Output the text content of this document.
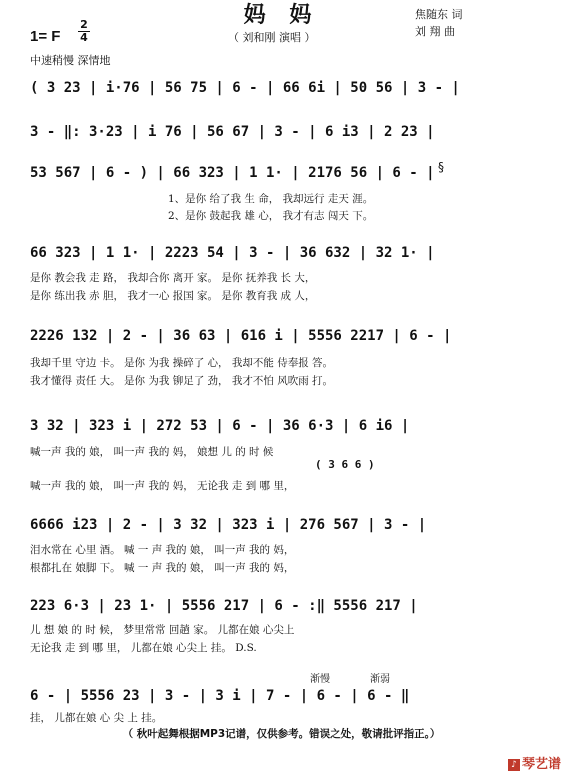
妈 妈
1= F
2
4	（ 刘和刚 演唱 ）
焦随东 词
刘 翔 曲
中速稍慢 深情地
( 3 23 | i·76 | 56 75 | 6 - | 66 6i | 50 56 | 3 - |
3 - ‖: 3·23 | i 76 | 56 67 | 3 - | 6 i3 | 2 23 |
53 567 | 6 - ) | 66 323 | 1 1· | 2176 56 | 6 - |
1、是你 给了我 生 命， 我却远行 走天 涯。
2、是你 鼓起我 雄 心， 我才有志 闯天 下。
66 323 | 1 1· | 2223 54 | 3 - | 36 632 | 32 1· |
是你 教会我 走 路， 我却合你 离开 家。 是你 抚养我 长 大，
是你 练出我 赤 胆， 我才一心 报国 家。 是你 教育我 成 人，
2226 132 | 2 - | 36 63 | 616 i | 5556 2217 | 6 - |
我却千里 守边 卡。 是你 为我 操碎了 心， 我却不能 侍奉报 答。
我才懂得 责任 大。 是你 为我 铆足了 劲， 我才不怕 风吹雨 打。
3 32 | 323 i | 272 53 | 6 - | 36 6·3 | 6 i6 |
喊一声 我的 娘， 叫一声 我的 妈， 娘想 儿 的 时 候
( 3 6 6 )
喊一声 我的 娘， 叫一声 我的 妈， 无论我 走 到 哪 里，
6666 i23 | 2 - | 3 32 | 323 i | 276 567 | 3 - |
泪水常在 心里 酒。 喊 一 声 我的 娘， 叫一声 我的 妈，
根都扎在 娘脚 下。 喊 一 声 我的 娘， 叫一声 我的 妈，
223 6·3 | 23 1· | 5556 217 | 6 - :‖ 5556 217 |
儿 想 娘 的 时 候， 梦里常常 回趟 家。 儿都在娘 心尖上
无论我 走 到 哪 里， 儿都在娘 心尖上 挂。 D.S.
渐慢	渐弱
§
6 - | 5556 23 | 3 - | 3 i | 7 - | 6 - | 6 - ‖
挂， 儿都在娘 心 尖 上 挂。
（ 秋叶起舞根据MP3记谱，仅供参考。错误之处，敬请批评指正。）
♪ 琴艺谱
